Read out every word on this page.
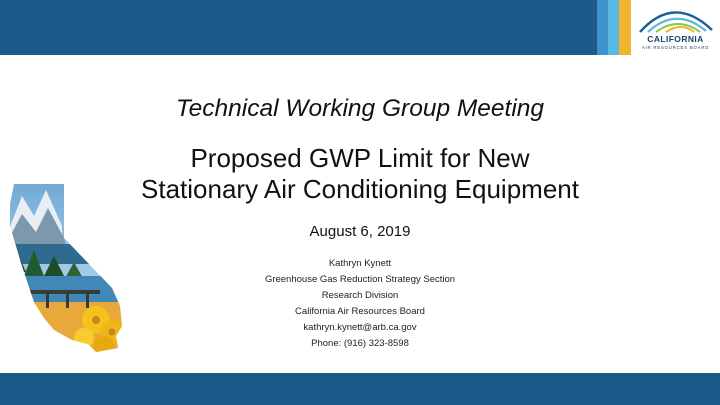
CALIFORNIA
AIR RESOURCES BOARD
Technical Working Group Meeting
Proposed GWP Limit for New
Stationary Air Conditioning Equipment
August 6, 2019
Kathryn Kynett
Greenhouse Gas Reduction Strategy Section
Research Division
California Air Resources Board
kathryn.kynett@arb.ca.gov
Phone: (916) 323-8598
